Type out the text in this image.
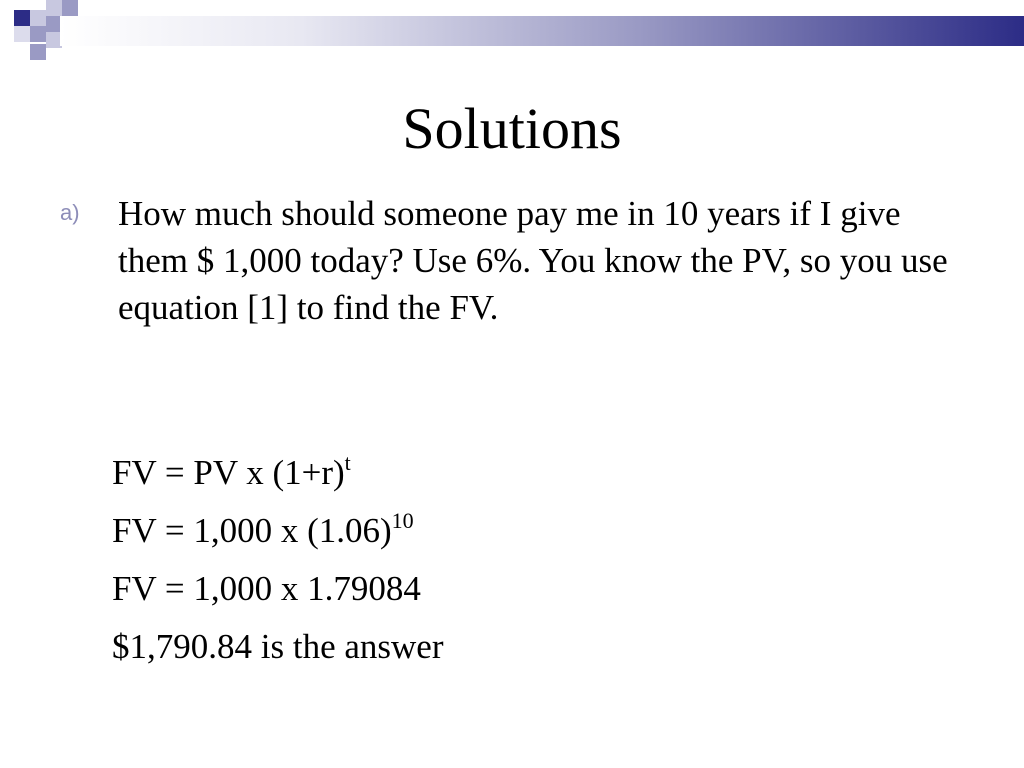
Solutions
a) How much should someone pay me in 10 years if I give them $ 1,000 today? Use 6%. You know the PV, so you use equation [1] to find the FV.
FV = PV x $(1+r)^t$
FV = 1,000 x $(1.06)^{10}$
FV = 1,000 x 1.79084
$1,790.84 is the answer
